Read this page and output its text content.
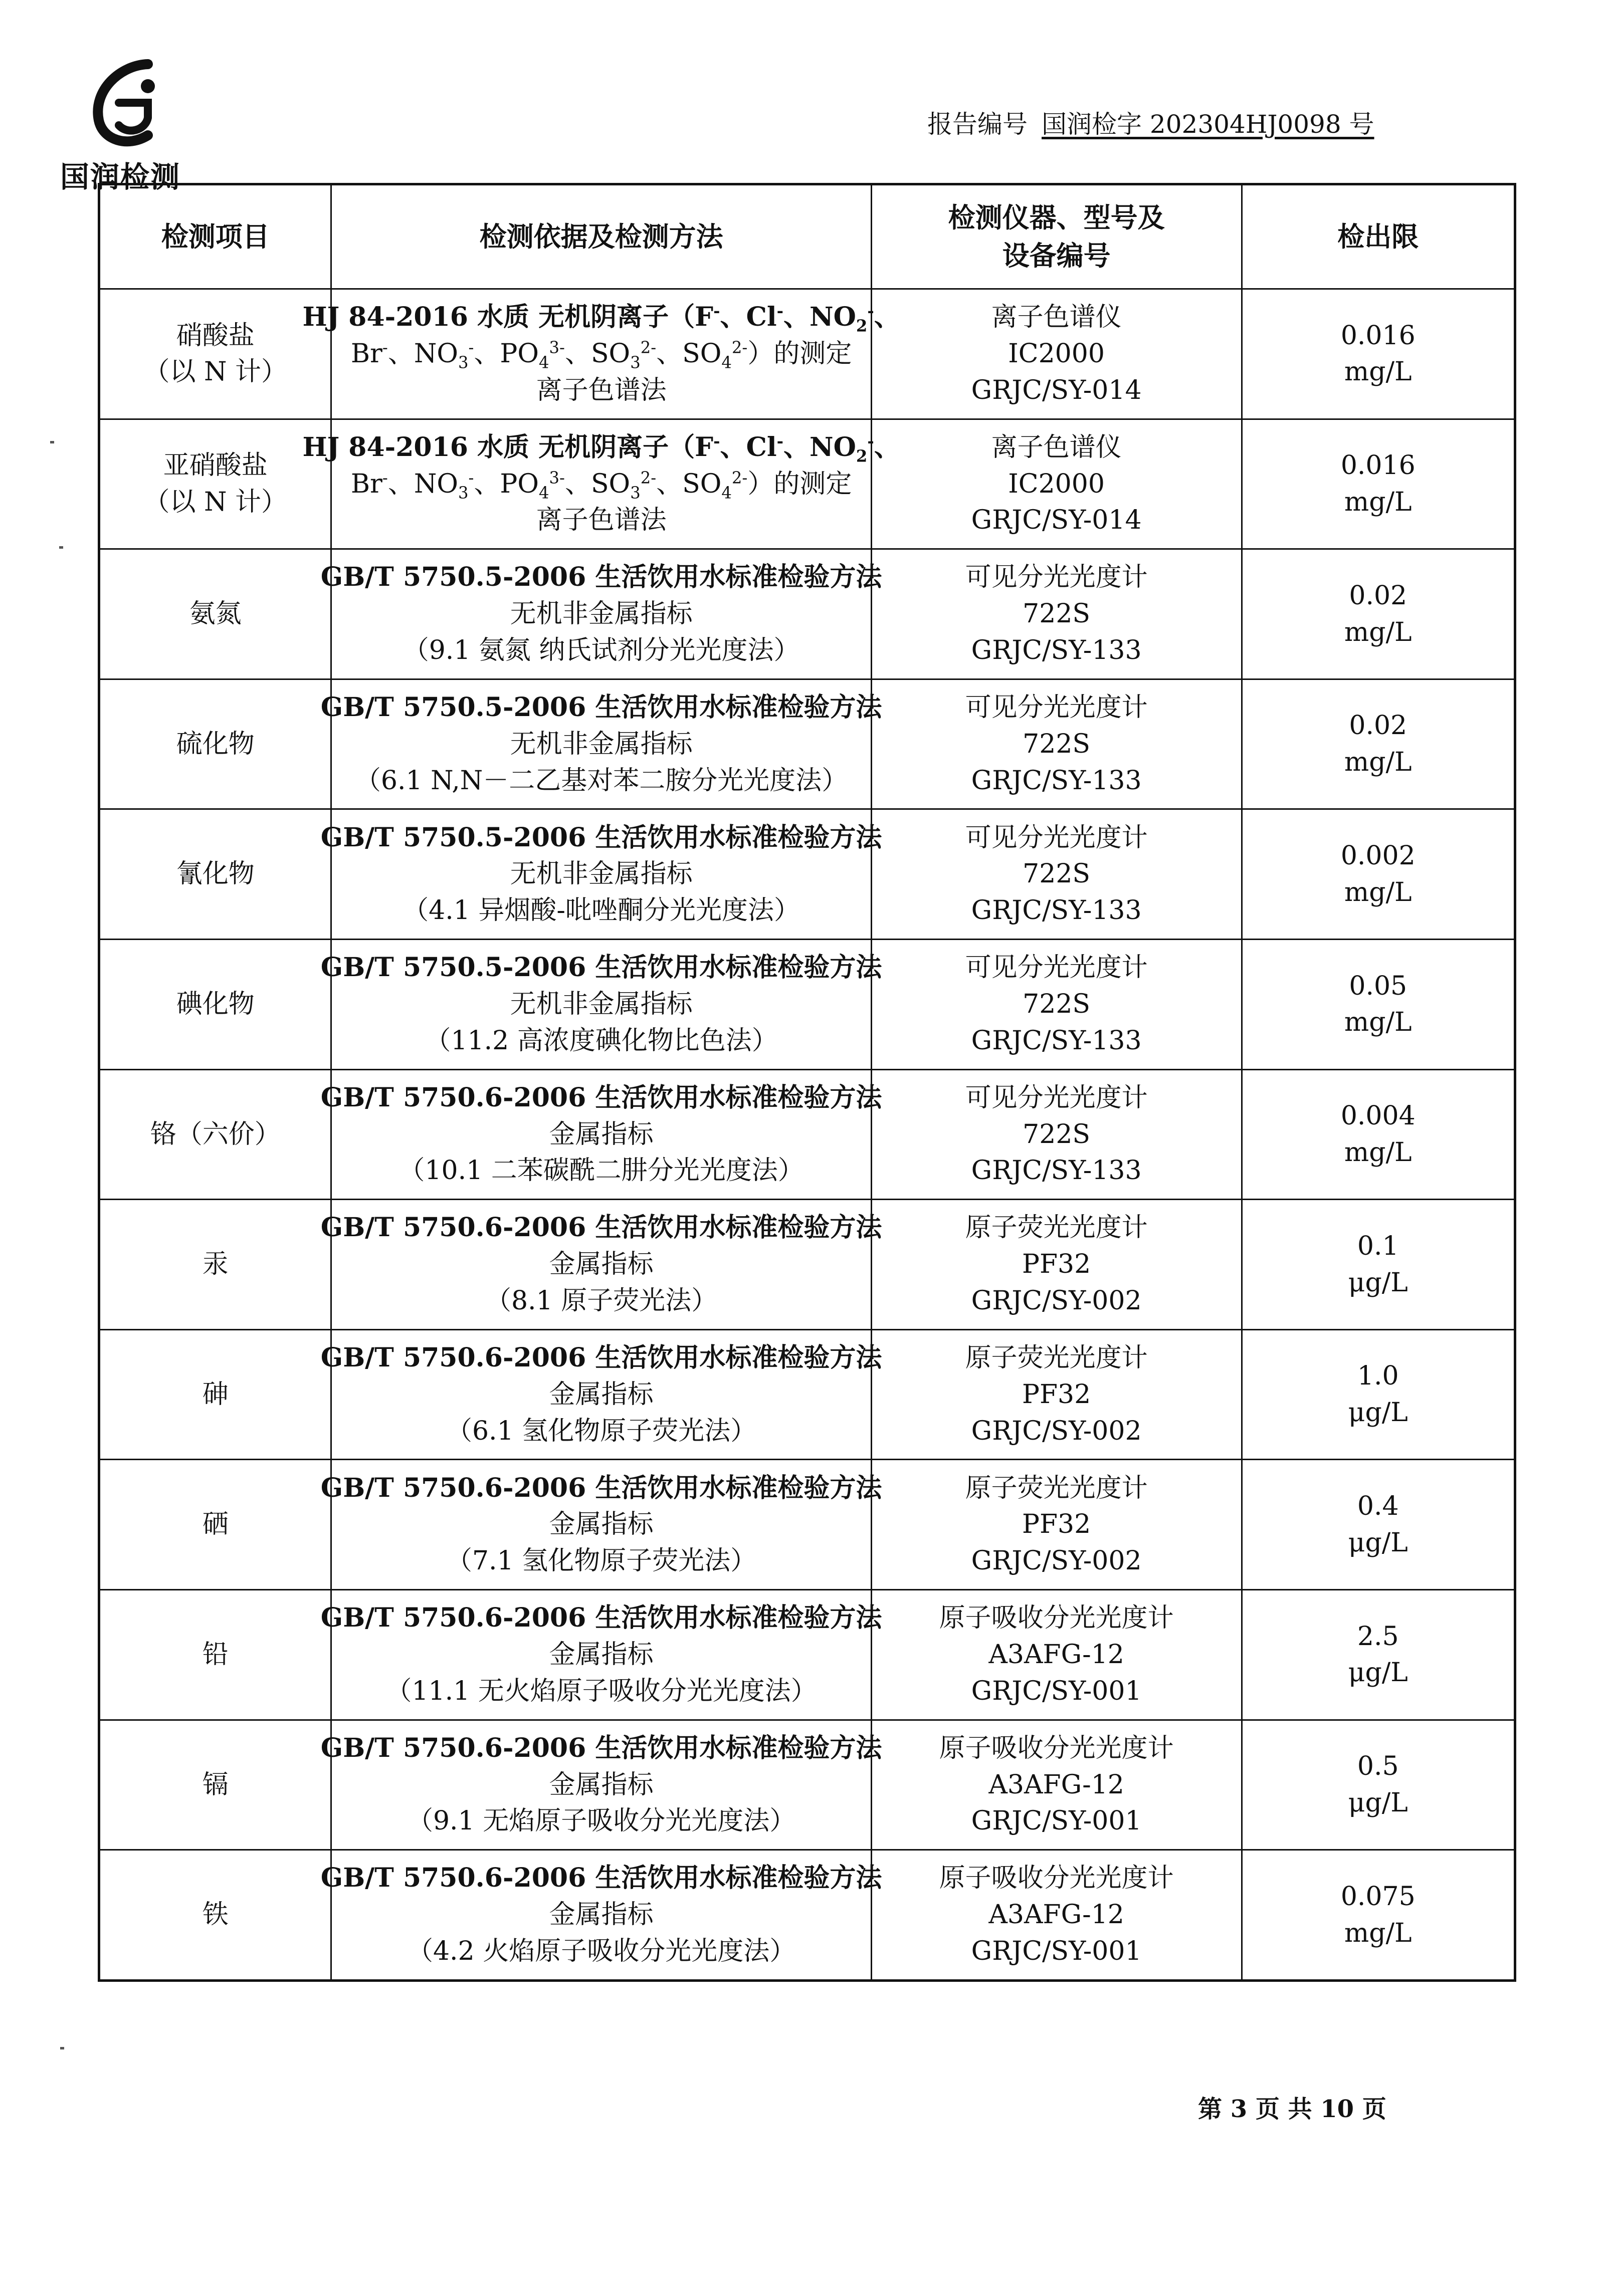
国润检测
报告编号 国润检字 202304HJ0098 号
检测项目	检测依据及检测方法
检测仪器、型号及
设备编号
检出限
硝酸盐
（以 N 计）
HJ 84-2016 水质 无机阴离子（F-、Cl-、$NO_2^-$、
Br-、$NO_3^-$、$PO_4^{3-}$、$SO_3^{2-}$、$SO_4^{2-}$）的测定
离子色谱法
离子色谱仪
IC2000
GRJC/SY-014
0.016
mg/L
亚硝酸盐
（以 N 计）
HJ 84-2016 水质 无机阴离子（F-、Cl-、$NO_2^-$、
Br-、$NO_3^-$、$PO_4^{3-}$、$SO_3^{2-}$、$SO_4^{2-}$）的测定
离子色谱法
离子色谱仪
IC2000
GRJC/SY-014
0.016
mg/L
氨氮
GB/T 5750.5-2006 生活饮用水标准检验方法
无机非金属指标
（9.1 氨氮 纳氏试剂分光光度法）
可见分光光度计
722S
GRJC/SY-133
0.02
mg/L
硫化物
GB/T 5750.5-2006 生活饮用水标准检验方法
无机非金属指标
（6.1 N,N－二乙基对苯二胺分光光度法）
可见分光光度计
722S
GRJC/SY-133
0.02
mg/L
氰化物
GB/T 5750.5-2006 生活饮用水标准检验方法
无机非金属指标
（4.1 异烟酸-吡唑酮分光光度法）
可见分光光度计
722S
GRJC/SY-133
0.002
mg/L
碘化物
GB/T 5750.5-2006 生活饮用水标准检验方法
无机非金属指标
（11.2 高浓度碘化物比色法）
可见分光光度计
722S
GRJC/SY-133
0.05
mg/L
铬（六价）
GB/T 5750.6-2006 生活饮用水标准检验方法
金属指标
（10.1 二苯碳酰二肼分光光度法）
可见分光光度计
722S
GRJC/SY-133
0.004
mg/L
汞
GB/T 5750.6-2006 生活饮用水标准检验方法
金属指标
（8.1 原子荧光法）
原子荧光光度计
PF32
GRJC/SY-002
0.1
μg/L
砷
GB/T 5750.6-2006 生活饮用水标准检验方法
金属指标
（6.1 氢化物原子荧光法）
原子荧光光度计
PF32
GRJC/SY-002
1.0
μg/L
硒
GB/T 5750.6-2006 生活饮用水标准检验方法
金属指标
（7.1 氢化物原子荧光法）
原子荧光光度计
PF32
GRJC/SY-002
0.4
μg/L
铅
GB/T 5750.6-2006 生活饮用水标准检验方法
金属指标
（11.1 无火焰原子吸收分光光度法）
原子吸收分光光度计
A3AFG-12
GRJC/SY-001
2.5
μg/L
镉
GB/T 5750.6-2006 生活饮用水标准检验方法
金属指标
（9.1 无焰原子吸收分光光度法）
原子吸收分光光度计
A3AFG-12
GRJC/SY-001
0.5
μg/L
铁
GB/T 5750.6-2006 生活饮用水标准检验方法
金属指标
（4.2 火焰原子吸收分光光度法）
原子吸收分光光度计
A3AFG-12
GRJC/SY-001
0.075
mg/L
第 3 页 共 10 页
